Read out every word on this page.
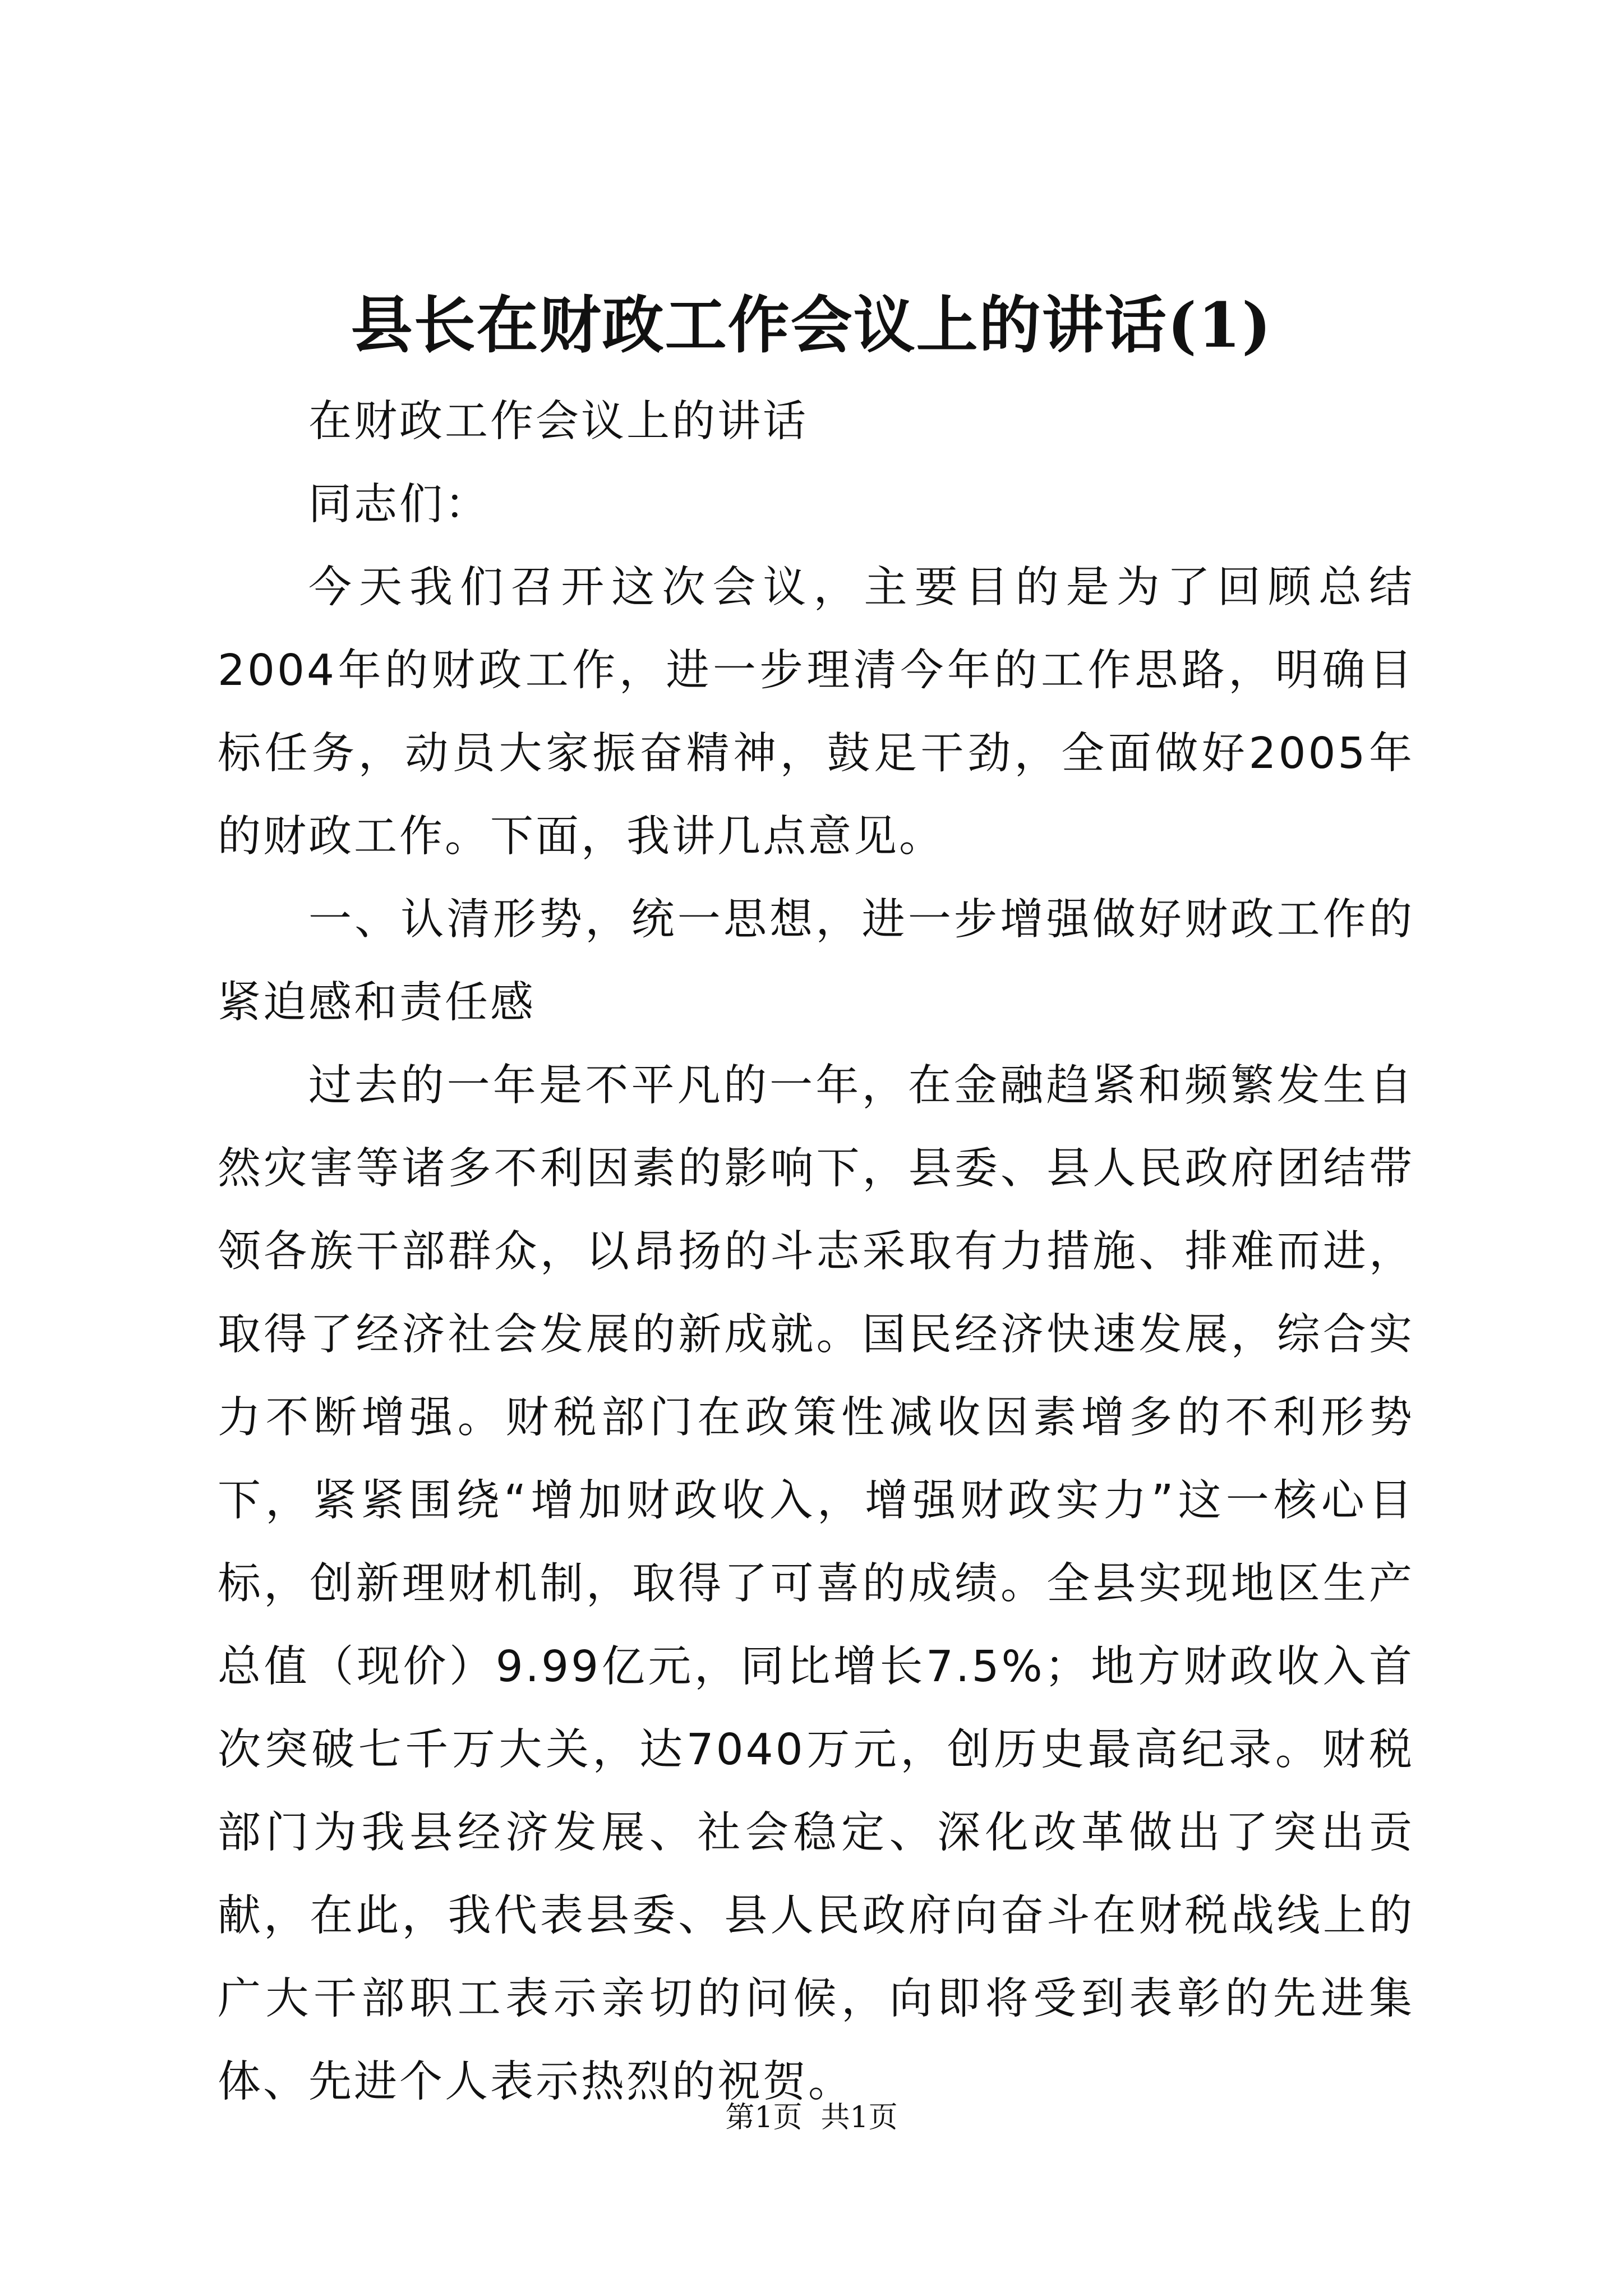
县长在财政工作会议上的讲话(1)

在财政工作会议上的讲话

同志们：

今天我们召开这次会议，主要目的是为了回顾总结2004年的财政工作，进一步理清今年的工作思路，明确目标任务，动员大家振奋精神，鼓足干劲，全面做好2005年的财政工作。下面，我讲几点意见。

一、认清形势，统一思想，进一步增强做好财政工作的紧迫感和责任感

过去的一年是不平凡的一年，在金融趋紧和频繁发生自然灾害等诸多不利因素的影响下，县委、县人民政府团结带领各族干部群众，以昂扬的斗志采取有力措施、排难而进，取得了经济社会发展的新成就。国民经济快速发展，综合实力不断增强。财税部门在政策性减收因素增多的不利形势下，紧紧围绕“增加财政收入，增强财政实力”这一核心目标，创新理财机制，取得了可喜的成绩。全县实现地区生产总值（现价）9.99亿元，同比增长7.5%；地方财政收入首次突破七千万大关，达7040万元，创历史最高纪录。财税部门为我县经济发展、社会稳定、深化改革做出了突出贡献，在此，我代表县委、县人民政府向奋斗在财税战线上的广大干部职工表示亲切的问候，向即将受到表彰的先进集体、先进个人表示热烈的祝贺。

第1页  共1页
